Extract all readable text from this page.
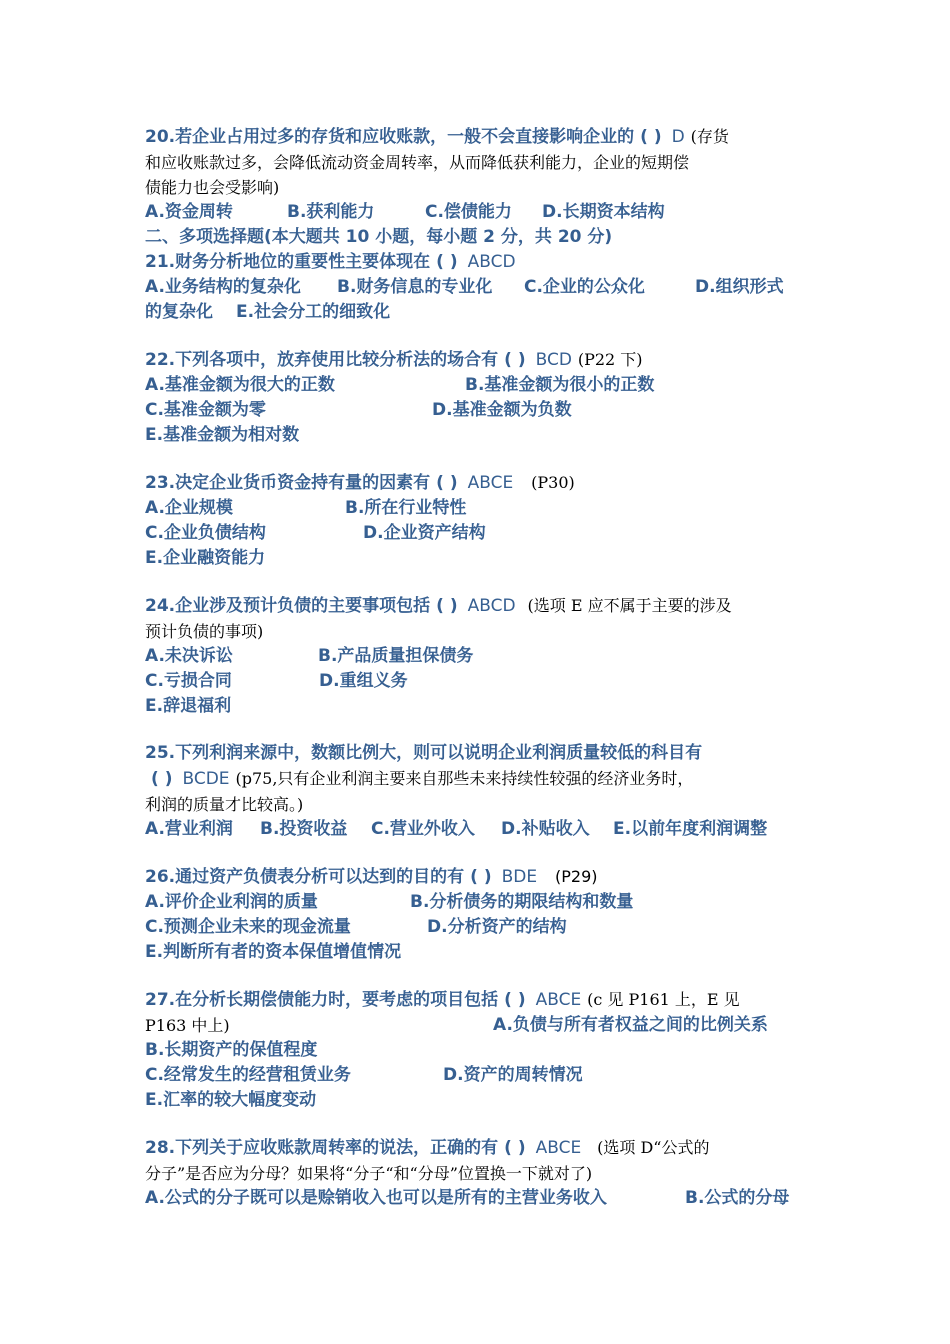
20.若企业占用过多的存货和应收账款，一般不会直接影响企业的 ( ) D (存货
和应收账款过多，会降低流动资金周转率，从而降低获利能力，企业的短期偿
债能力也会受影响)
A.资金周转	B.获利能力	C.偿债能力	D.长期资本结构
二、多项选择题(本大题共 10 小题，每小题 2 分，共 20 分)
21.财务分析地位的重要性主要体现在 ( ) ABCD
A.业务结构的复杂化	B.财务信息的专业化	C.企业的公众化	D.组织形式
的复杂化	E.社会分工的细致化
22.下列各项中，放弃使用比较分析法的场合有 ( ) BCD (P22 下)
A.基准金额为很大的正数	B.基准金额为很小的正数
C.基准金额为零	D.基准金额为负数
E.基准金额为相对数
23.决定企业货币资金持有量的因素有 ( ) ABCE (P30)
A.企业规模	B.所在行业特性
C.企业负债结构	D.企业资产结构
E.企业融资能力
24.企业涉及预计负债的主要事项包括 ( ) ABCD (选项 E 应不属于主要的涉及
预计负债的事项)
A.未决诉讼	B.产品质量担保债务
C.亏损合同	D.重组义务
E.辞退福利
25.下列利润来源中，数额比例大，则可以说明企业利润质量较低的科目有
( ) BCDE (p75,只有企业利润主要来自那些未来持续性较强的经济业务时，
利润的质量才比较高。)
A.营业利润	B.投资收益	C.营业外收入	D.补贴收入	E.以前年度利润调整
26.通过资产负债表分析可以达到的目的有 ( ) BDE (P29)
A.评价企业利润的质量	B.分析债务的期限结构和数量
C.预测企业未来的现金流量	D.分析资产的结构
E.判断所有者的资本保值增值情况
27.在分析长期偿债能力时，要考虑的项目包括 ( ) ABCE (c 见 P161 上，E 见
P163 中上)	A.负债与所有者权益之间的比例关系
B.长期资产的保值程度
C.经常发生的经营租赁业务	D.资产的周转情况
E.汇率的较大幅度变动
28.下列关于应收账款周转率的说法，正确的有 ( ) ABCE (选项 D“公式的
分子”是否应为分母？如果将“分子“和“分母”位置换一下就对了)
A.公式的分子既可以是赊销收入也可以是所有的主营业务收入	B.公式的分母
